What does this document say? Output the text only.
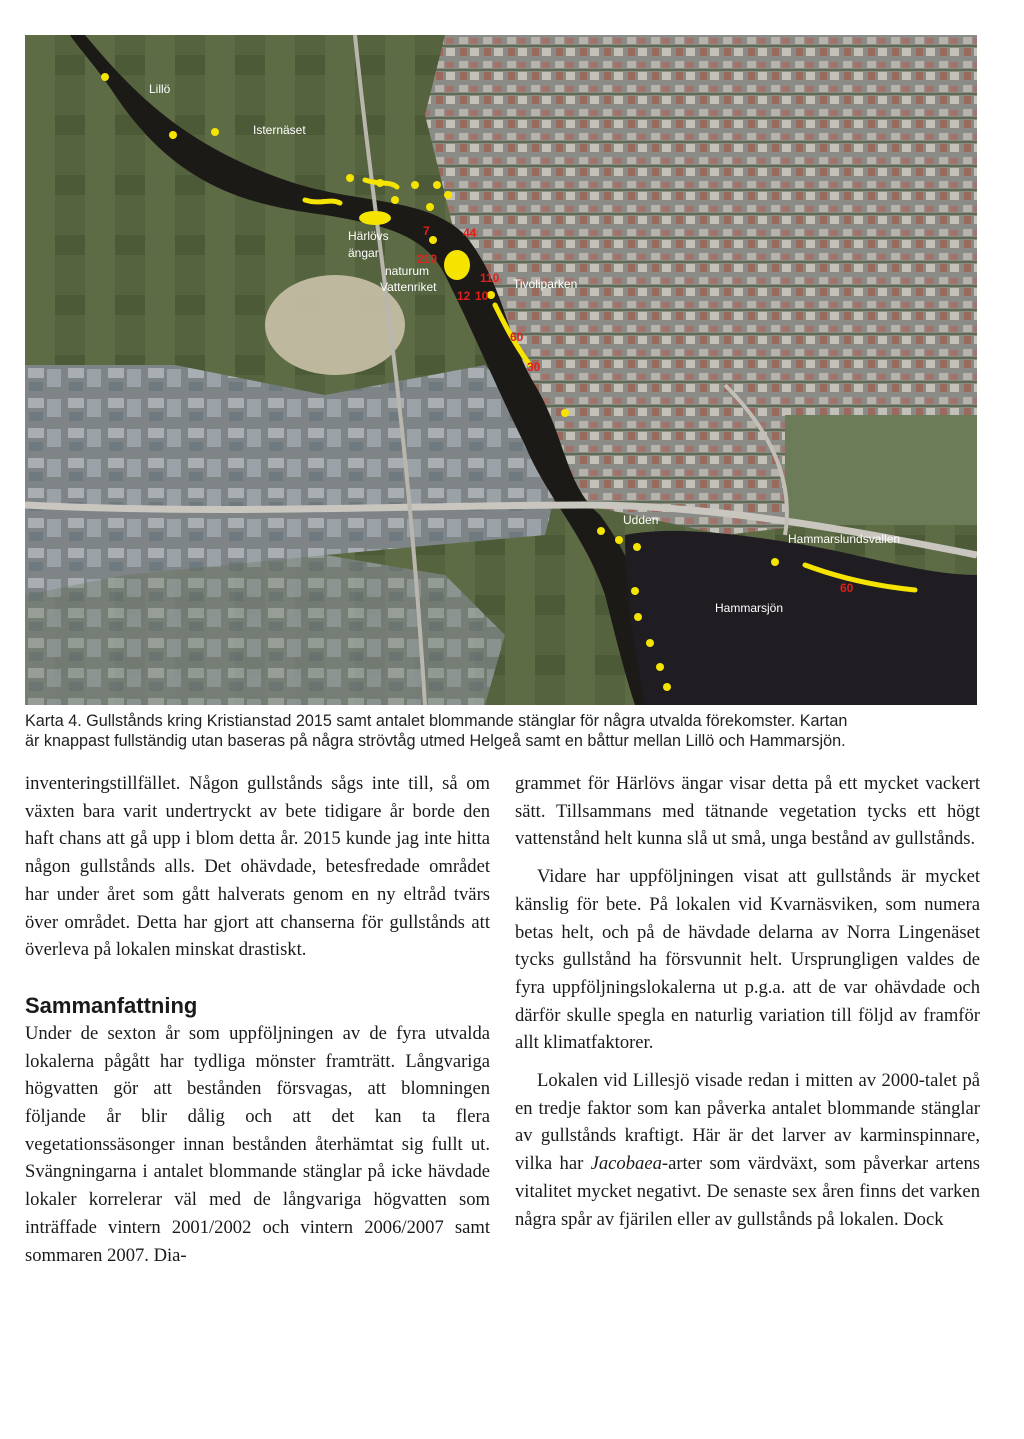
Lillö
Isternäset
Härlövs
ängar
naturum
Vattenriket	Tivoliparken
Udden
Hammarslundsvallen
Hammarsjön
7	44
210
110
12 10
60
30
60
Karta 4. Gullstånds kring Kristianstad 2015 samt antalet blommande stänglar för några utvalda förekomster. Kartan
är knappast fullständig utan baseras på några strövtåg utmed Helgeå samt en båttur mellan Lillö och Hammarsjön.

inventeringstillfället. Någon gullstånds sågs inte till, så om växten bara varit undertryckt av bete tidigare år borde den haft chans att gå upp i blom detta år. 2015 kunde jag inte hitta någon gullstånds alls. Det ohävdade, betesfredade området har under året som gått halverats genom en ny eltråd tvärs över området. Detta har gjort att chanserna för gullstånds att överleva på lokalen minskat drastiskt.

Sammanfattning

Under de sexton år som uppföljningen av de fyra utvalda lokalerna pågått har tydliga mönster framträtt. Långvariga högvatten gör att bestånden försvagas, att blomningen följande år blir dålig och att det kan ta flera vegetationssäsonger innan bestånden återhämtat sig fullt ut. Svängningarna i antalet blommande stänglar på icke hävdade lokaler korrelerar väl med de långvariga högvatten som inträffade vintern 2001/2002 och vintern 2006/2007 samt sommaren 2007. Dia-

grammet för Härlövs ängar visar detta på ett mycket vackert sätt. Tillsammans med tätnande vegetation tycks ett högt vattenstånd helt kunna slå ut små, unga bestånd av gullstånds.

Vidare har uppföljningen visat att gullstånds är mycket känslig för bete. På lokalen vid Kvarnäsviken, som numera betas helt, och på de hävdade delarna av Norra Lingenäset tycks gullstånd ha försvunnit helt. Ursprungligen valdes de fyra uppföljningslokalerna ut p.g.a. att de var ohävdade och därför skulle spegla en naturlig variation till följd av framför allt klimatfaktorer.

Lokalen vid Lillesjö visade redan i mitten av 2000-talet på en tredje faktor som kan påverka antalet blommande stänglar av gullstånds kraftigt. Här är det larver av karminspinnare, vilka har Jacobaea-arter som värdväxt, som påverkar artens vitalitet mycket negativt. De senaste sex åren finns det varken några spår av fjärilen eller av gullstånds på lokalen. Dock
